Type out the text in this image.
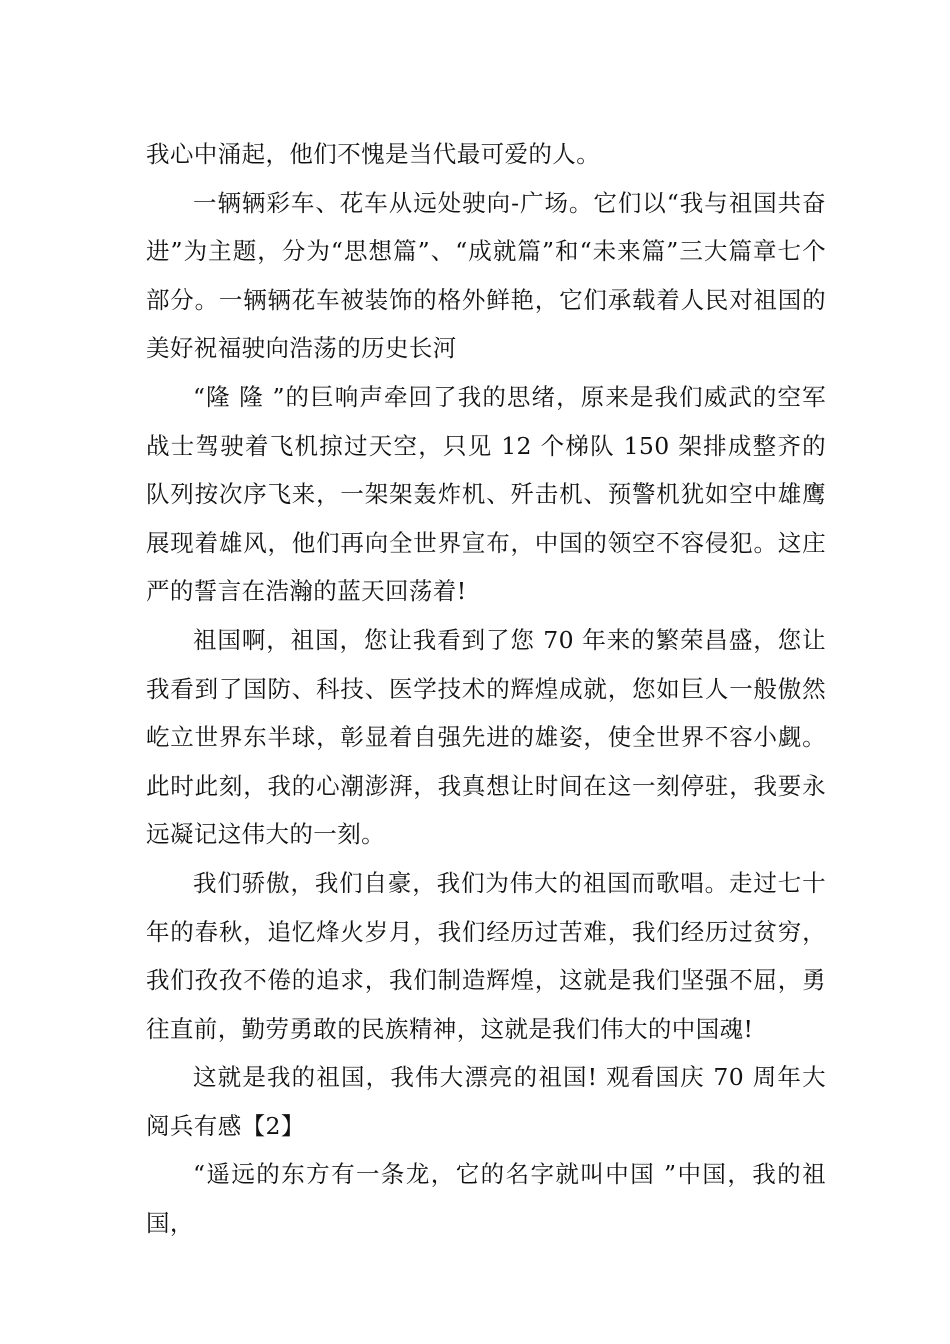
我心中涌起，他们不愧是当代最可爱的人。

一辆辆彩车、花车从远处驶向-广场。它们以“我与祖国共奋进”为主题，分为“思想篇”、“成就篇”和“未来篇”三大篇章七个部分。一辆辆花车被装饰的格外鲜艳，它们承载着人民对祖国的美好祝福驶向浩荡的历史长河

“隆 隆 ”的巨响声牵回了我的思绪，原来是我们威武的空军战士驾驶着飞机掠过天空，只见 12 个梯队 150 架排成整齐的队列按次序飞来，一架架轰炸机、歼击机、预警机犹如空中雄鹰展现着雄风，他们再向全世界宣布，中国的领空不容侵犯。这庄严的誓言在浩瀚的蓝天回荡着!

祖国啊，祖国，您让我看到了您 70 年来的繁荣昌盛，您让我看到了国防、科技、医学技术的辉煌成就，您如巨人一般傲然屹立世界东半球，彰显着自强先进的雄姿，使全世界不容小觑。此时此刻，我的心潮澎湃，我真想让时间在这一刻停驻，我要永远凝记这伟大的一刻。

我们骄傲，我们自豪，我们为伟大的祖国而歌唱。走过七十年的春秋，追忆烽火岁月，我们经历过苦难，我们经历过贫穷，我们孜孜不倦的追求，我们制造辉煌，这就是我们坚强不屈，勇往直前，勤劳勇敢的民族精神，这就是我们伟大的中国魂!

这就是我的祖国，我伟大漂亮的祖国! 观看国庆 70 周年大阅兵有感【2】

“遥远的东方有一条龙，它的名字就叫中国 ”中国，我的祖国，
